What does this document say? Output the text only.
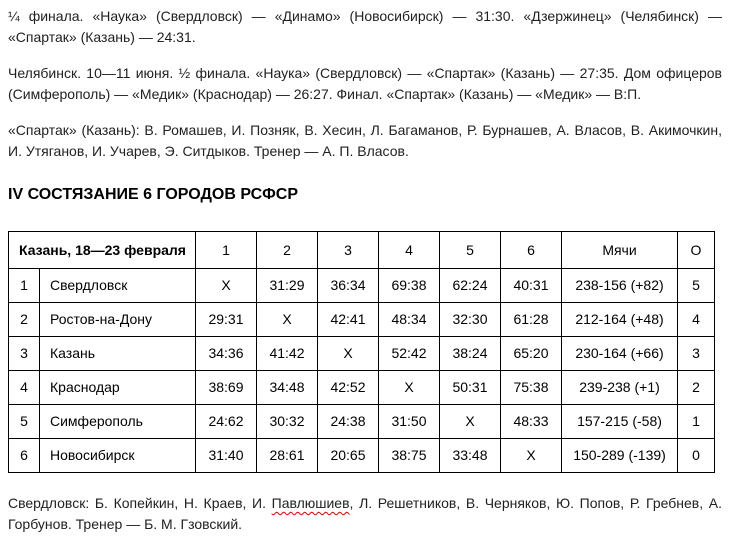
¼ финала. «Наука» (Свердловск) — «Динамо» (Новосибирск) — 31:30. «Дзержинец» (Челябинск) — «Спартак» (Казань) — 24:31.

Челябинск. 10—11 июня. ½ финала. «Наука» (Свердловск) — «Спартак» (Казань) — 27:35. Дом офицеров (Симферополь) — «Медик» (Краснодар) — 26:27. Финал. «Спартак» (Казань) — «Медик» — В:П.

«Спартак» (Казань): В. Ромашев, И. Позняк, В. Хесин, Л. Багаманов, Р. Бурнашев, А. Власов, В. Акимочкин, И. Утяганов, И. Учарев, Э. Ситдыков. Тренер — А. П. Власов.

IV СОСТЯЗАНИЕ 6 ГОРОДОВ РСФСР
Казань, 18—23 февраля		1	2	3	4	5	6	Мячи	О
1	Свердловск	X	31:29	36:34	69:38	62:24	40:31	238-156 (+82)	5
2	Ростов-на-Дону	29:31	X	42:41	48:34	32:30	61:28	212-164 (+48)	4
3	Казань	34:36	41:42	X	52:42	38:24	65:20	230-164 (+66)	3
4	Краснодар	38:69	34:48	42:52	X	50:31	75:38	239-238 (+1)	2
5	Симферополь	24:62	30:32	24:38	31:50	X	48:33	157-215 (-58)	1
6	Новосибирск	31:40	28:61	20:65	38:75	33:48	X	150-289 (-139)	0

Свердловск: Б. Копейкин, Н. Краев, И. Павлюшиев, Л. Решетников, В. Черняков, Ю. Попов, Р. Гребнев, А. Горбунов. Тренер — Б. М. Гзовский.
